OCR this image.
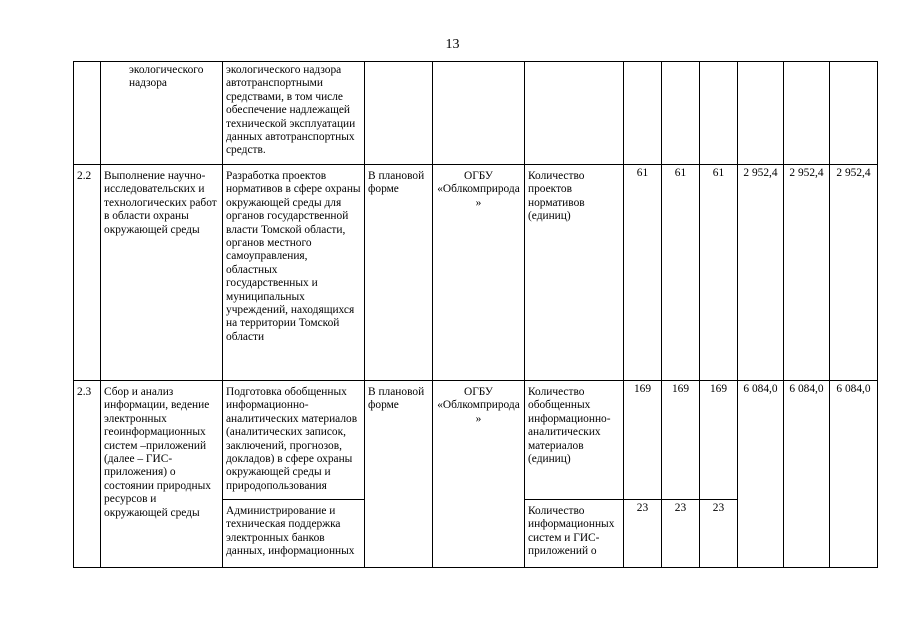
13
	экологического надзора	экологического надзора автотранспортными средствами, в том числе обеспечение надлежащей технической эксплуатации данных автотранспортных средств.									
2.2	Выполнение научно-исследовательских и технологических работ в области охраны окружающей среды	Разработка проектов нормативов в сфере охраны окружающей среды для органов государственной власти Томской области, органов местного самоуправления, областных государственных и муниципальных учреждений, находящихся на территории Томской области	В плановой форме	ОГБУ «Облкомприрода»	Количество проектов нормативов (единиц)	61	61	61	2 952,4	2 952,4	2 952,4
2.3	Сбор и анализ информации, ведение электронных геоинформационных систем –приложений (далее – ГИС-приложения) о состоянии природных ресурсов и окружающей среды	Подготовка обобщенных информационно-аналитических материалов (аналитических записок, заключений, прогнозов, докладов) в сфере охраны окружающей среды и природопользования	В плановой форме	ОГБУ «Облкомприрода»	Количество обобщенных информационно-аналитических материалов (единиц)	169	169	169	6 084,0	6 084,0	6 084,0
		Администрирование и техническая поддержка электронных банков данных, информационных			Количество информационных систем и ГИС-приложений о	23	23	23			
